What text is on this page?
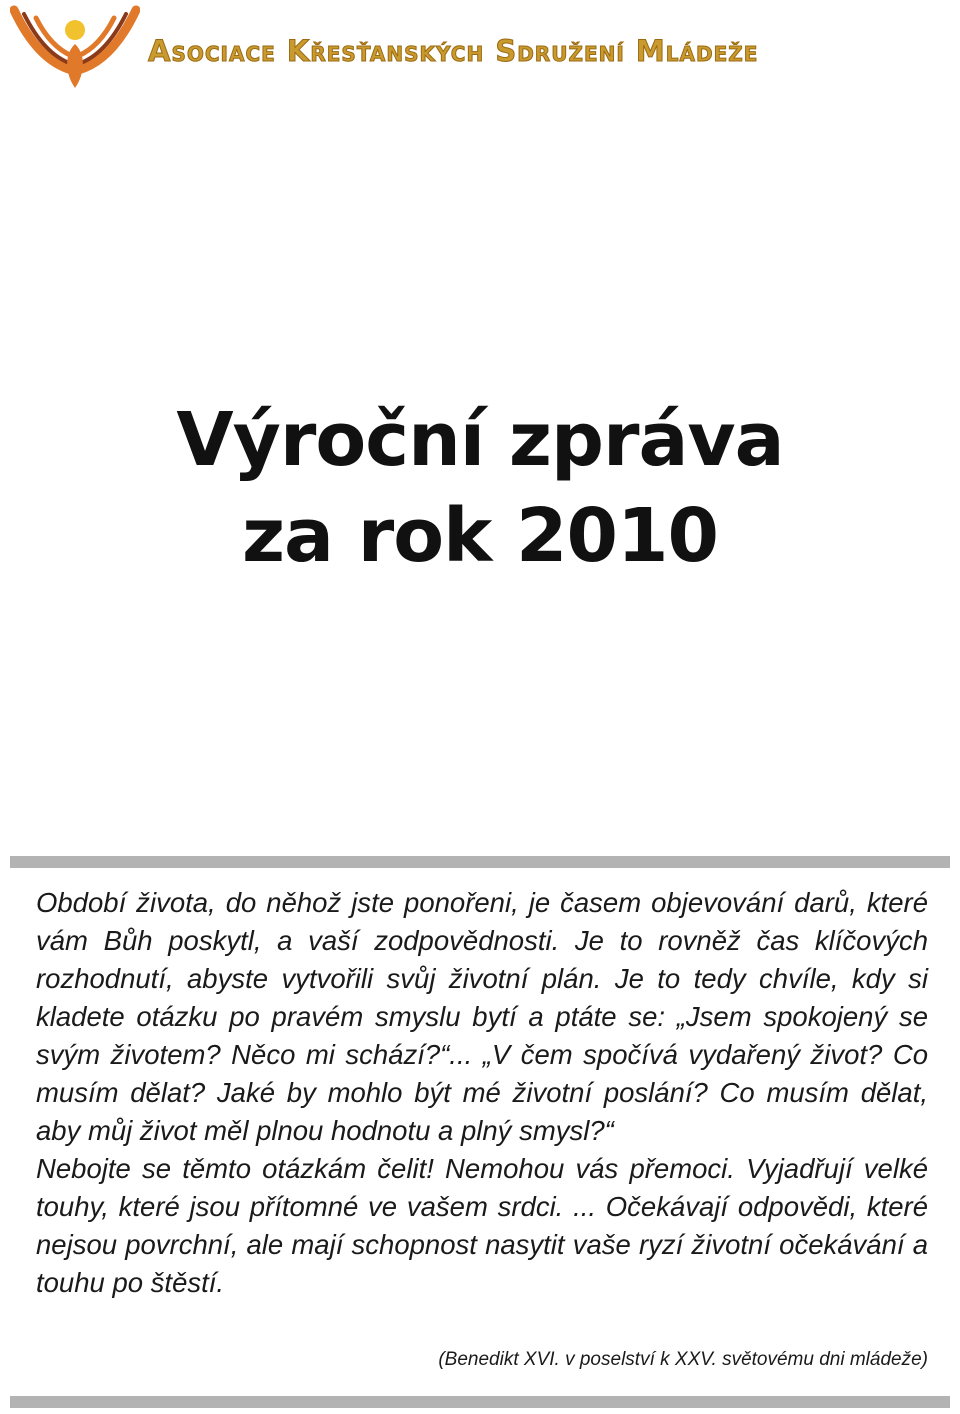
Asociace Křesťanských Sdružení Mládeže
Výroční zpráva
za rok 2010

Období života, do něhož jste ponořeni, je časem objevování darů, které vám Bůh poskytl, a vaší zodpovědnosti. Je to rovněž čas klíčových rozhodnutí, abyste vytvořili svůj životní plán. Je to tedy chvíle, kdy si kladete otázku po pravém smyslu bytí a ptáte se: „Jsem spokojený se svým životem? Něco mi schází?“... „V čem spočívá vydařený život? Co musím dělat? Jaké by mohlo být mé životní poslání? Co musím dělat, aby můj život měl plnou hodnotu a plný smysl?“

Nebojte se těmto otázkám čelit! Nemohou vás přemoci. Vyjadřují velké touhy, které jsou přítomné ve vašem srdci. ... Očekávají odpovědi, které nejsou povrchní, ale mají schopnost nasytit vaše ryzí životní očekávání a touhu po štěstí.

(Benedikt XVI. v poselství k XXV. světovému dni mládeže)
